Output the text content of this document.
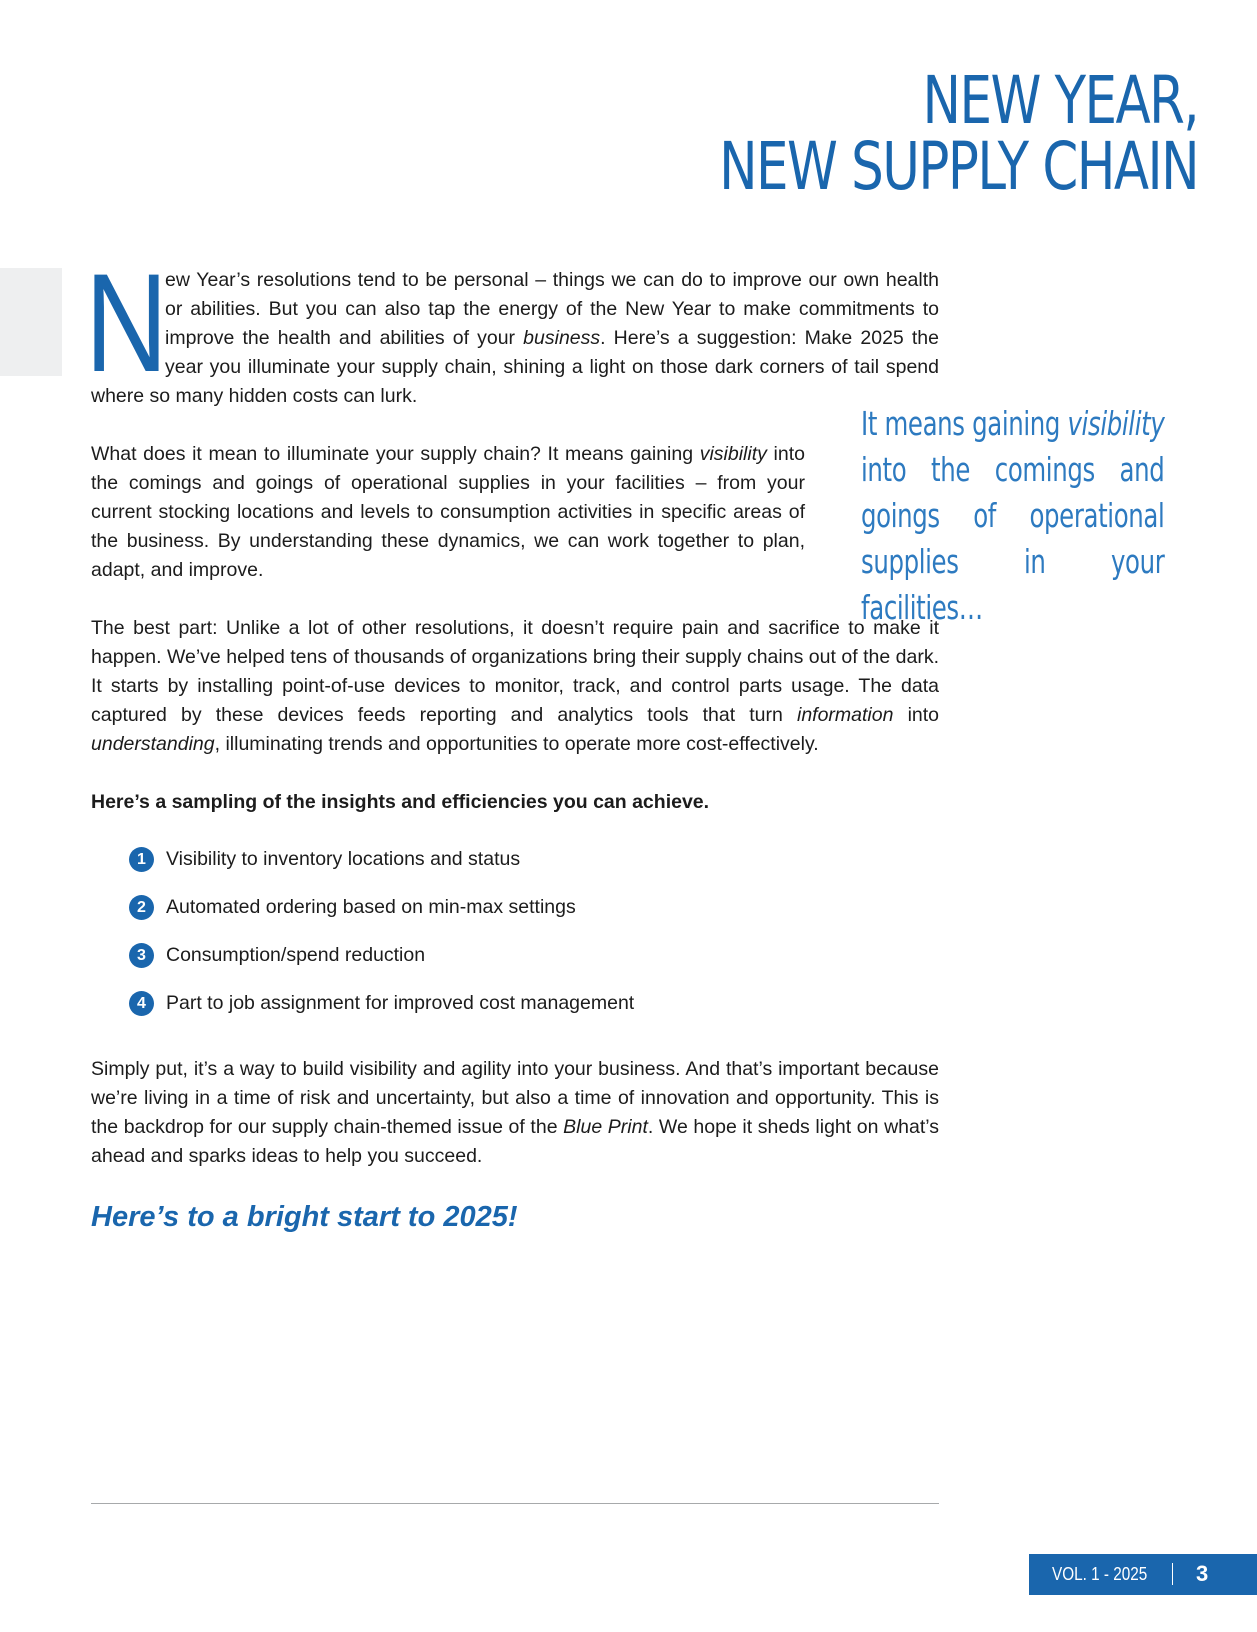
NEW YEAR,
NEW SUPPLY CHAIN

N
ew Year’s resolutions tend to be personal – things we can do to improve our own health or abilities. But you can also tap the energy of the New Year to make commitments to improve the health and abilities of your business. Here’s a suggestion: Make 2025 the year you illuminate your supply chain, shining a light on those dark corners of tail spend where so many hidden costs can lurk.

What does it mean to illuminate your supply chain? It means gaining visibility into the comings and goings of operational supplies in your facilities – from your current stocking locations and levels to consumption activities in specific areas of the business. By understanding these dynamics, we can work together to plan, adapt, and improve.

The best part: Unlike a lot of other resolutions, it doesn’t require pain and sacrifice to make it happen. We’ve helped tens of thousands of organizations bring their supply chains out of the dark. It starts by installing point-of-use devices to monitor, track, and control parts usage. The data captured by these devices feeds reporting and analytics tools that turn information into understanding, illuminating trends and opportunities to operate more cost-effectively.

Here’s a sampling of the insights and efficiencies you can achieve.

1	Visibility to inventory locations and status
2	Automated ordering based on min-max settings
3	Consumption/spend reduction
4	Part to job assignment for improved cost management

Simply put, it’s a way to build visibility and agility into your business. And that’s important because we’re living in a time of risk and uncertainty, but also a time of innovation and opportunity. This is the backdrop for our supply chain-themed issue of the Blue Print. We hope it sheds light on what’s ahead and sparks ideas to help you succeed.

Here’s to a bright start to 2025!

It means gaining visibility into the comings and goings of operational supplies in your facilities…
VOL. 1 - 2025 3
